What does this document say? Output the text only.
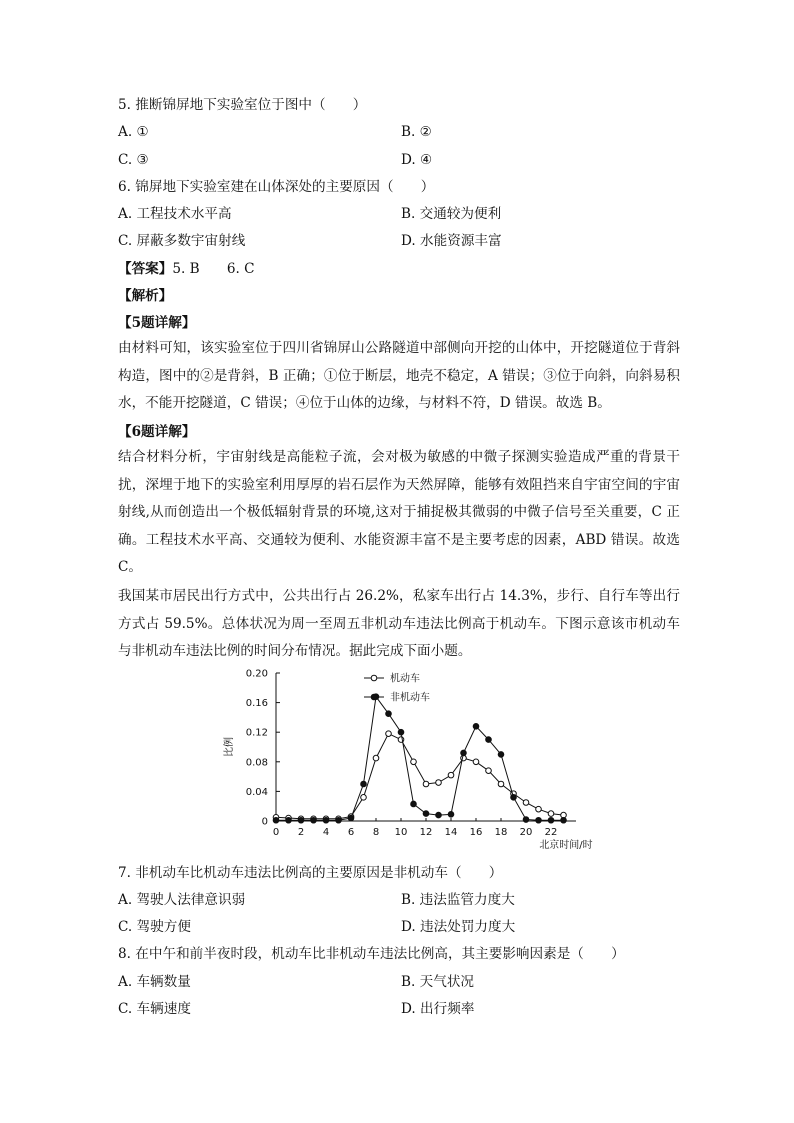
5. 推断锦屏地下实验室位于图中（　　）
A. ①	B. ②
C. ③	D. ④
6. 锦屏地下实验室建在山体深处的主要原因（　　）
A. 工程技术水平高	B. 交通较为便利
C. 屏蔽多数宇宙射线	D. 水能资源丰富
【答案】5. B　　6. C
【解析】
【5题详解】
由材料可知，该实验室位于四川省锦屏山公路隧道中部侧向开挖的山体中，开挖隧道位于背斜构造，图中的②是背斜，B 正确；①位于断层，地壳不稳定，A 错误；③位于向斜，向斜易积水，不能开挖隧道，C 错误；④位于山体的边缘，与材料不符，D 错误。故选 B。
【6题详解】
结合材料分析，宇宙射线是高能粒子流，会对极为敏感的中微子探测实验造成严重的背景干扰，深埋于地下的实验室利用厚厚的岩石层作为天然屏障，能够有效阻挡来自宇宙空间的宇宙射线,从而创造出一个极低辐射背景的环境,这对于捕捉极其微弱的中微子信号至关重要，C 正确。工程技术水平高、交通较为便利、水能资源丰富不是主要考虑的因素，ABD 错误。故选 C。
我国某市居民出行方式中，公共出行占 26.2%，私家车出行占 14.3%，步行、自行车等出行方式占 59.5%。总体状况为周一至周五非机动车违法比例高于机动车。下图示意该市机动车与非机动车违法比例的时间分布情况。据此完成下面小题。
0
0.04
0.08
0.12
0.16
0.20
0 2 4 6 8 10 12 14 16 18 20 22
北京时间/时
比例
机动车
非机动车
7. 非机动车比机动车违法比例高的主要原因是非机动车（　　）
A. 驾驶人法律意识弱	B. 违法监管力度大
C. 驾驶方便	D. 违法处罚力度大
8. 在中午和前半夜时段，机动车比非机动车违法比例高，其主要影响因素是（　　）
A. 车辆数量	B. 天气状况
C. 车辆速度	D. 出行频率
